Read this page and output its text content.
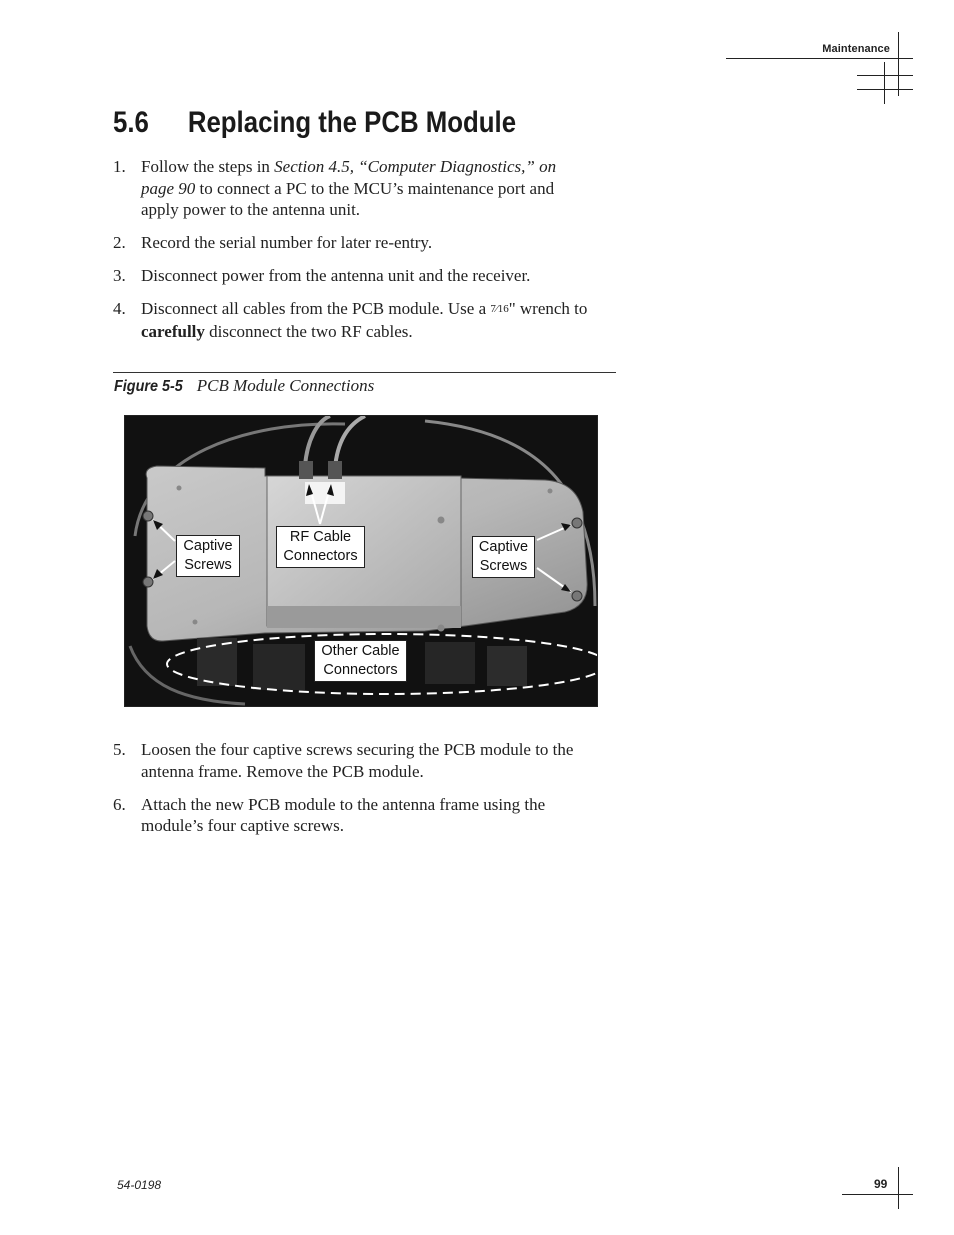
Maintenance
5.6 Replacing the PCB Module
1. Follow the steps in Section 4.5, “Computer Diagnostics,” on page 90 to connect a PC to the MCU’s maintenance port and apply power to the antenna unit.
2. Record the serial number for later re-entry.
3. Disconnect power from the antenna unit and the receiver.
4. Disconnect all cables from the PCB module. Use a 7⁄16" wrench to carefully disconnect the two RF cables.
Figure 5-5 PCB Module Connections
Captive Screws
RF Cable Connectors
Captive Screws
Other Cable Connectors
5. Loosen the four captive screws securing the PCB module to the antenna frame. Remove the PCB module.
6. Attach the new PCB module to the antenna frame using the module’s four captive screws.
54-0198	99
